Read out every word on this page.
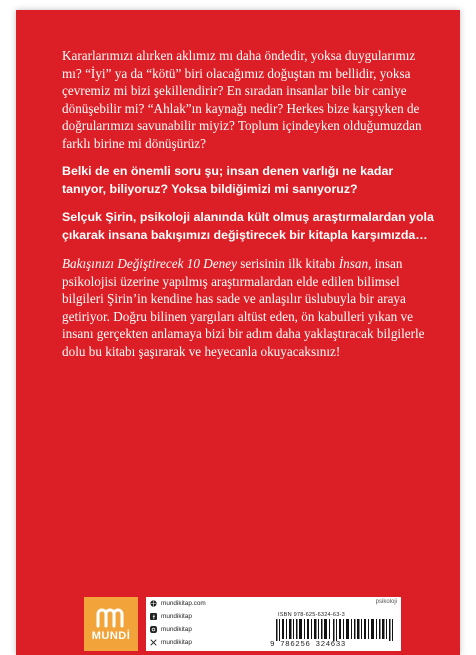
Kararlarımızı alırken aklımız mı daha öndedir, yoksa duygularımız mı? “İyi” ya da “kötü” biri olacağımız doğuştan mı bellidir, yoksa çevremiz mi bizi şekillendirir? En sıradan insanlar bile bir caniye dönüşebilir mi? “Ahlak”ın kaynağı nedir? Herkes bize karşıyken de doğrularımızı savunabilir miyiz? Toplum içindeyken olduğumuzdan farklı birine mi dönüşürüz?

Belki de en önemli soru şu; insan denen varlığı ne kadar tanıyor, biliyoruz? Yoksa bildiğimizi mi sanıyoruz?

Selçuk Şirin, psikoloji alanında kült olmuş araştırmalardan yola çıkarak insana bakışımızı değiştirecek bir kitapla karşımızda…

Bakışınızı Değiştirecek 10 Deney serisinin ilk kitabı İnsan, insan psikolojisi üzerine yapılmış araştırmalardan elde edilen bilimsel bilgileri Şirin’in kendine has sade ve anlaşılır üslubuyla bir araya getiriyor. Doğru bilinen yargıları altüst eden, ön kabulleri yıkan ve insanı gerçekten anlamaya bizi bir adım daha yaklaştıracak bilgilerle dolu bu kitabı şaşırarak ve heyecanla okuyacaksınız!

MUNDİ
mundikitap.com
mundikitap
mundikitap
mundikitap
psikoloji
ISBN 978-625-6324-63-3
9 786256 324633
